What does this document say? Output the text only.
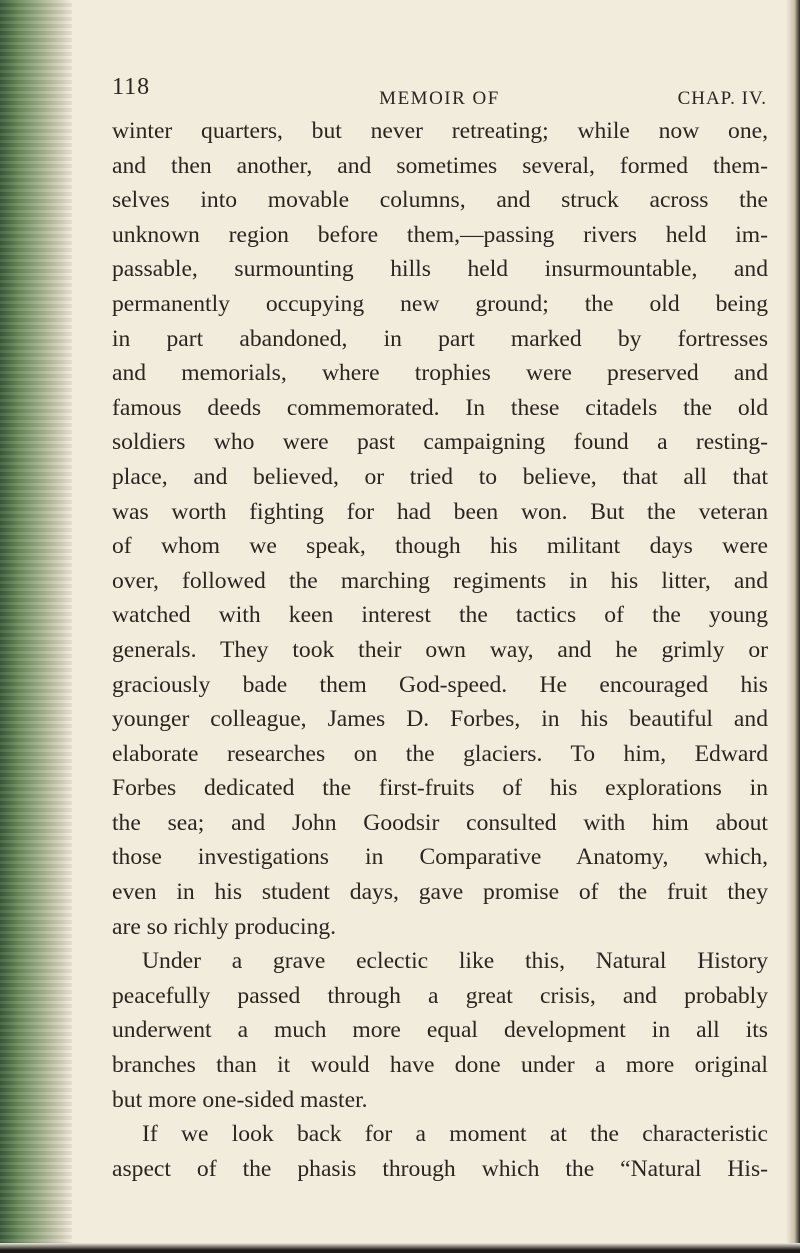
118	MEMOIR OF	CHAP. IV.
winter quarters, but never retreating; while now one,
and then another, and sometimes several, formed them-
selves into movable columns, and struck across the
unknown region before them,—passing rivers held im-
passable, surmounting hills held insurmountable, and
permanently occupying new ground; the old being
in part abandoned, in part marked by fortresses
and memorials, where trophies were preserved and
famous deeds commemorated. In these citadels the old
soldiers who were past campaigning found a resting-
place, and believed, or tried to believe, that all that
was worth fighting for had been won. But the veteran
of whom we speak, though his militant days were
over, followed the marching regiments in his litter, and
watched with keen interest the tactics of the young
generals. They took their own way, and he grimly or
graciously bade them God-speed. He encouraged his
younger colleague, James D. Forbes, in his beautiful and
elaborate researches on the glaciers. To him, Edward
Forbes dedicated the first-fruits of his explorations in
the sea; and John Goodsir consulted with him about
those investigations in Comparative Anatomy, which,
even in his student days, gave promise of the fruit they
are so richly producing.
Under a grave eclectic like this, Natural History
peacefully passed through a great crisis, and probably
underwent a much more equal development in all its
branches than it would have done under a more original
but more one-sided master.
If we look back for a moment at the characteristic
aspect of the phasis through which the “Natural His-
